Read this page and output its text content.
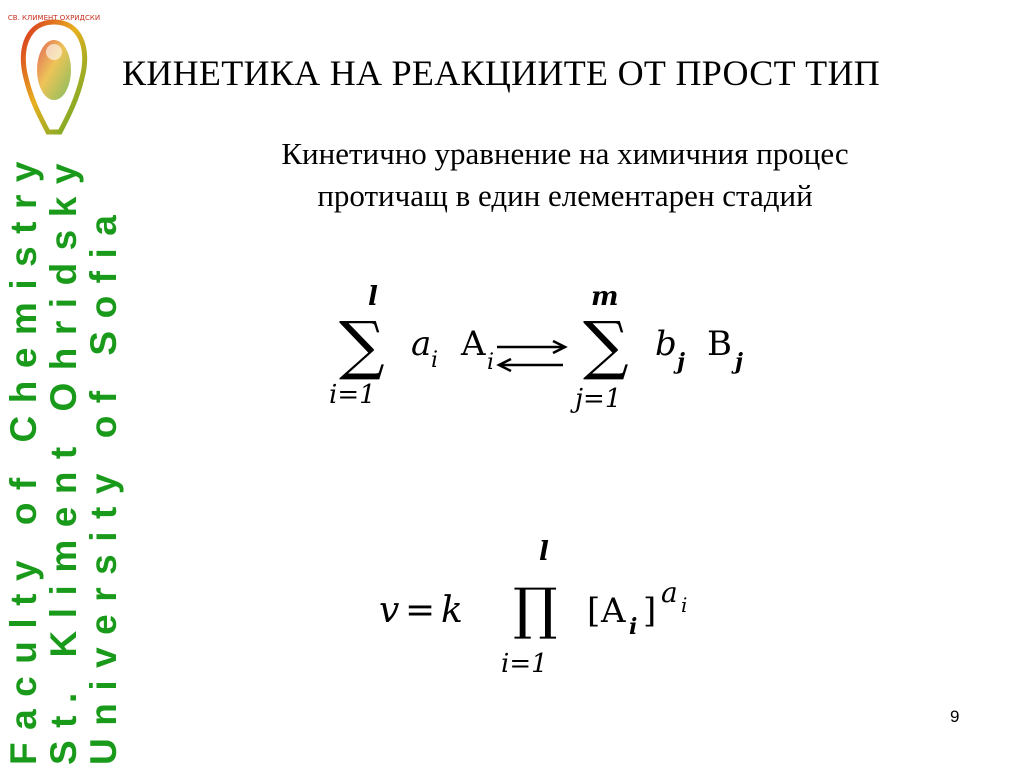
СВ. КЛИМЕНТ ОХРИДСКИ
Faculty of Chemistry St. Kliment Ohridsky University of Sofia
КИНЕТИКА НА РЕАКЦИИТЕ ОТ ПРОСТ ТИП
Кинетично уравнение на химичния процес
протичащ в един елементарен стадий
l
∑
i=1
a i A i
m
∑
j=1
b j B j
v = k
l
∏
i=1
[ A i ] a i
9
